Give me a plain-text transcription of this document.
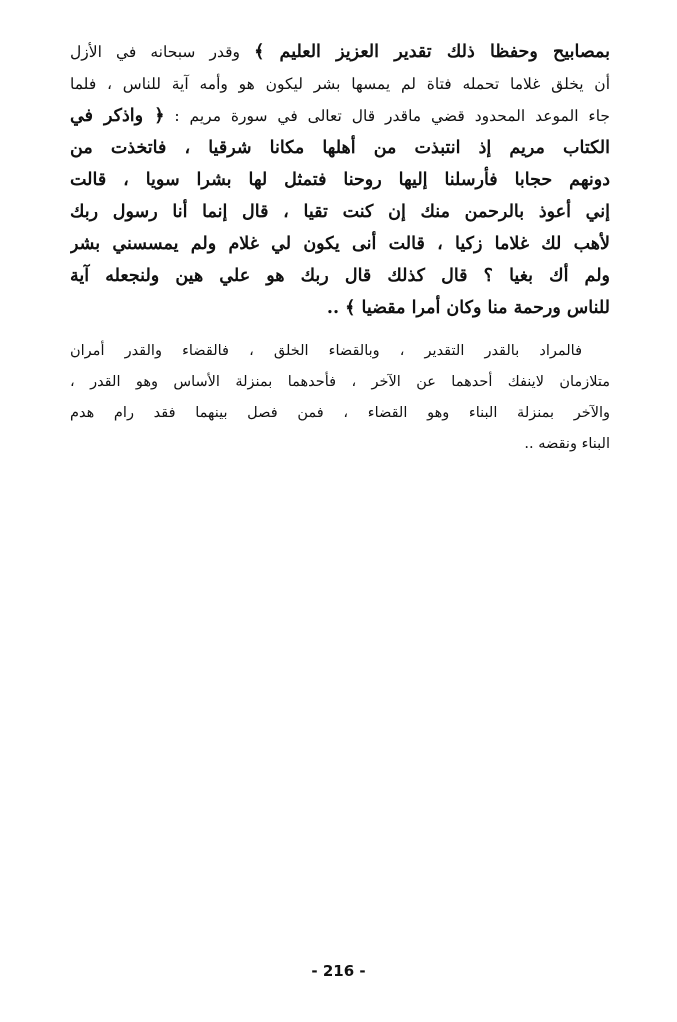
بمصابيح وحفظا ذلك تقدير العزيز العليم ﴾ وقدر سبحانه في الأزل
أن يخلق غلاما تحمله فتاة لم يمسها بشر ليكون هو وأمه آية للناس ، فلما
جاء الموعد المحدود قضي ماقدر قال تعالى في سورة مريم : ﴿ واذكر في
الكتاب مريم إذ انتبذت من أهلها مكانا شرقيا ، فاتخذت من
دونهم حجابا فأرسلنا إليها روحنا فتمثل لها بشرا سويا ، قالت
إني أعوذ بالرحمن منك إن كنت تقيا ، قال إنما أنا رسول ربك
لأهب لك غلاما زكيا ، قالت أنى يكون لي غلام ولم يمسسني بشر
ولم أك بغيا ؟ قال كذلك قال ربك هو علي هين ولنجعله آية
للناس ورحمة منا وكان أمرا مقضيا ﴾ ..
فالمراد بالقدر التقدير ، وبالقضاء الخلق ، فالقضاء والقدر أمران
متلازمان لاينفك أحدهما عن الآخر ، فأحدهما بمنزلة الأساس وهو القدر ،
والآخر بمنزلة البناء وهو القضاء ، فمن فصل بينهما فقد رام هدم
البناء ونقضه ..
- 216 -
